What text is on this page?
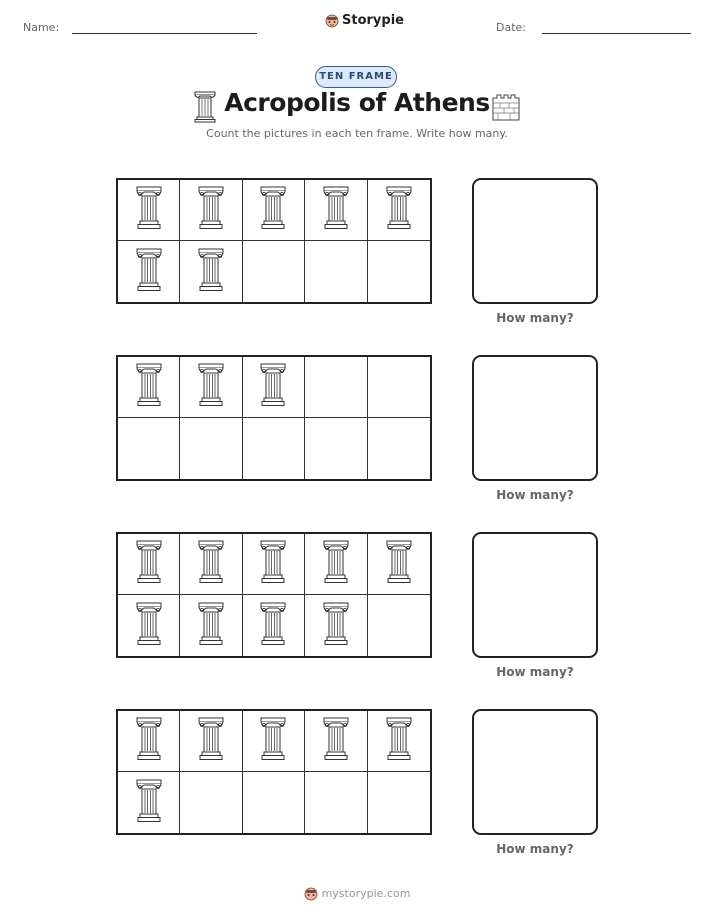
Name:	Storypie	Date:
TEN FRAME
Acropolis of Athens
Count the pictures in each ten frame. Write how many.
How many?
How many?
How many?
How many?
mystorypie.com
